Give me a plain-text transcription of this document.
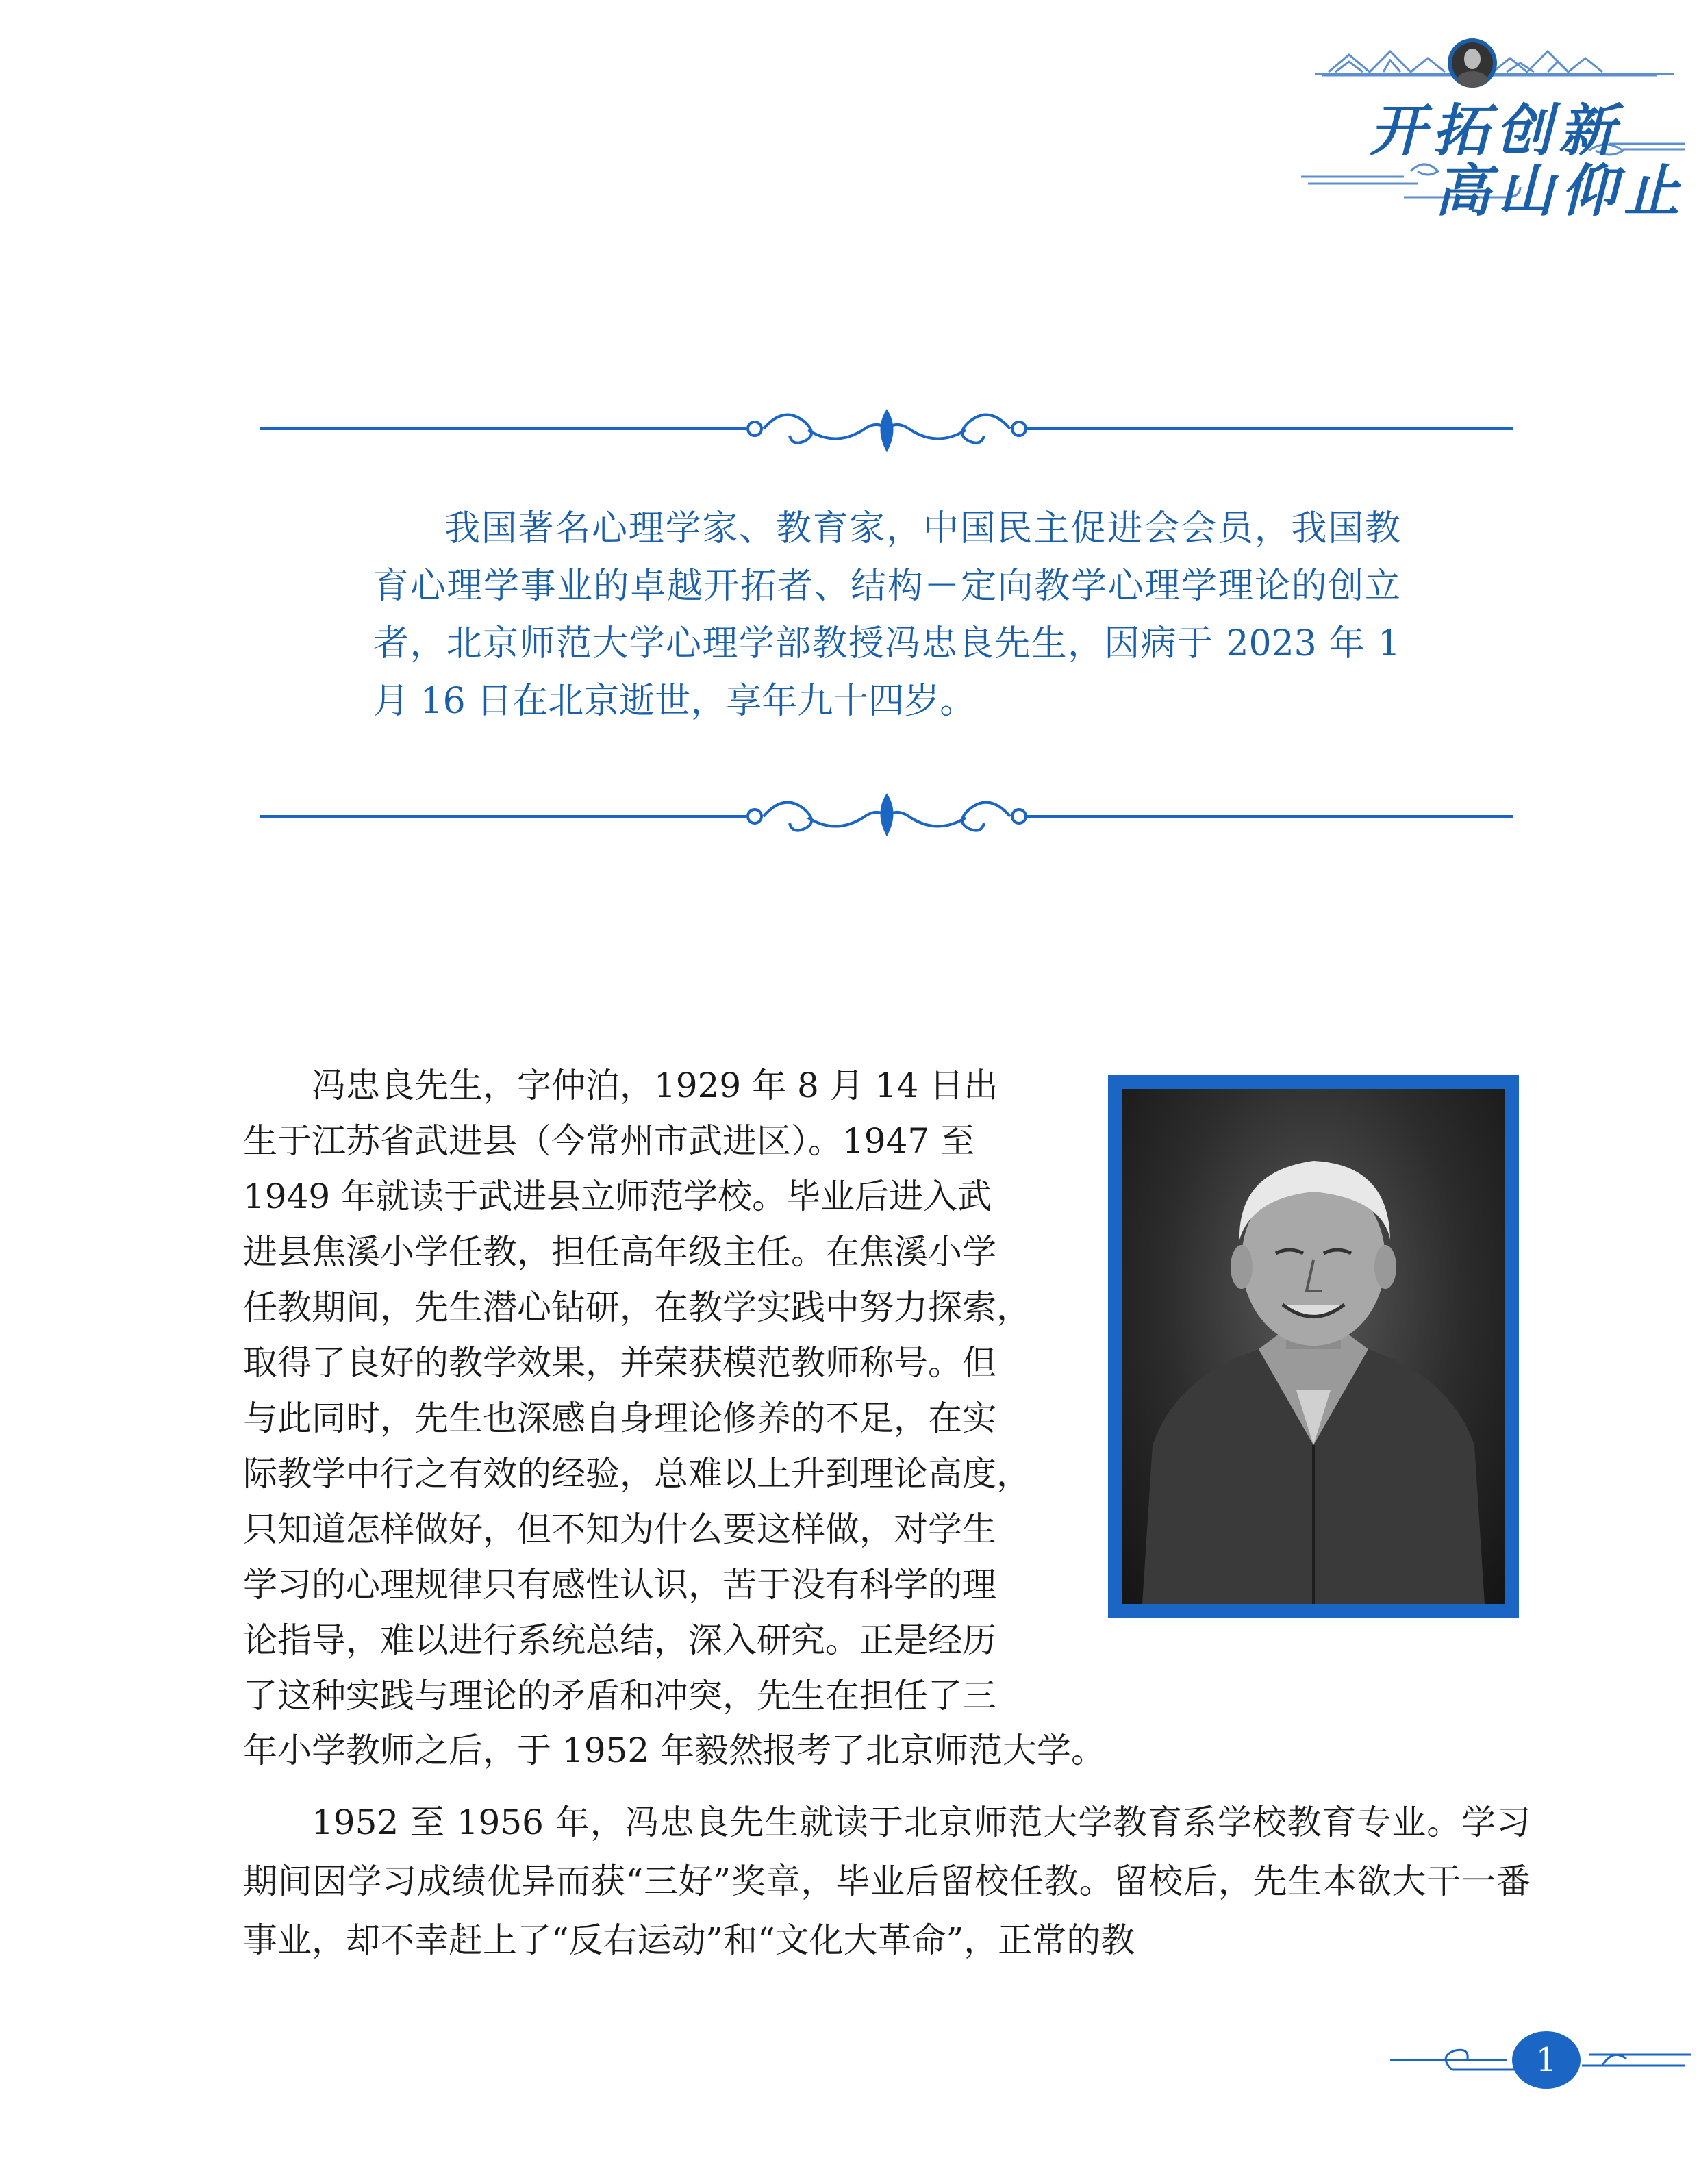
开拓创新
高山仰止

我国著名心理学家、教育家，中国民主促进会会员，我国教育心理学事业的卓越开拓者、结构－定向教学心理学理论的创立者，北京师范大学心理学部教授冯忠良先生，因病于 2023 年 1 月 16 日在北京逝世，享年九十四岁。

冯忠良先生，字仲泊，1929 年 8 月 14 日出
生于江苏省武进县（今常州市武进区）。1947 至
1949 年就读于武进县立师范学校。毕业后进入武
进县焦溪小学任教，担任高年级主任。在焦溪小学
任教期间，先生潜心钻研，在教学实践中努力探索，
取得了良好的教学效果，并荣获模范教师称号。但
与此同时，先生也深感自身理论修养的不足，在实
际教学中行之有效的经验，总难以上升到理论高度，
只知道怎样做好，但不知为什么要这样做，对学生
学习的心理规律只有感性认识，苦于没有科学的理
论指导，难以进行系统总结，深入研究。正是经历
了这种实践与理论的矛盾和冲突，先生在担任了三
年小学教师之后，于 1952 年毅然报考了北京师范大学。

1952 至 1956 年，冯忠良先生就读于北京师范大学教育系学校教育专业。学习期间因学习成绩优异而获“三好”奖章，毕业后留校任教。留校后，先生本欲大干一番事业，却不幸赶上了“反右运动”和“文化大革命”，正常的教

1
